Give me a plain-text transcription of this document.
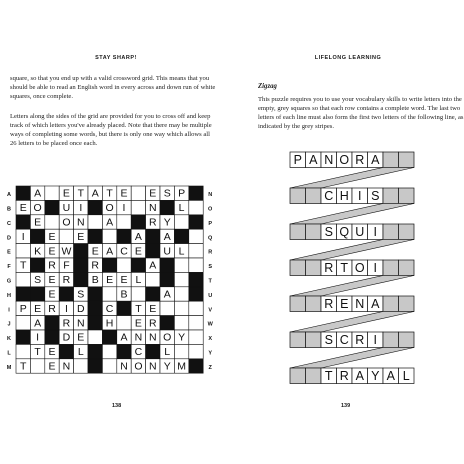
STAY SHARP!

square, so that you end up with a valid crossword grid. This means that you should be able to read an English word in every across and down run of white squares, once complete.

Letters along the sides of the grid are provided for you to cross off and keep track of which letters you've already placed. Note that there may be multiple ways of completing some words, but there is only one way which allows all 26 letters to be placed once each.

138
LIFELONG LEARNING
139
Zigzag

This puzzle requires you to use your vocabulary skills to write letters into the empty, grey squares so that each row contains a complete word. The last two letters of each line must also form the first two letters of the following line, as indicated by the grey stripes.

A E T A T E E S P
E O U I O I N L
E O N A	R Y
I E E	A A
K E W E A C E U L
T R F R	A
S E R B E E L
E S	B	A
P E R I D C T E
A R N H E R
I D E	A N N O Y
T E L	C L
T E N	N O N Y M
A
B
C
D
E
F
G
H
I
J
K
L
M
N
O
P
Q
R
S
T
U
V
W
X
Y
Z
P A N O R A
C H I S
S Q U I
R T O I
R E N A
S C R I
T R A Y A L
